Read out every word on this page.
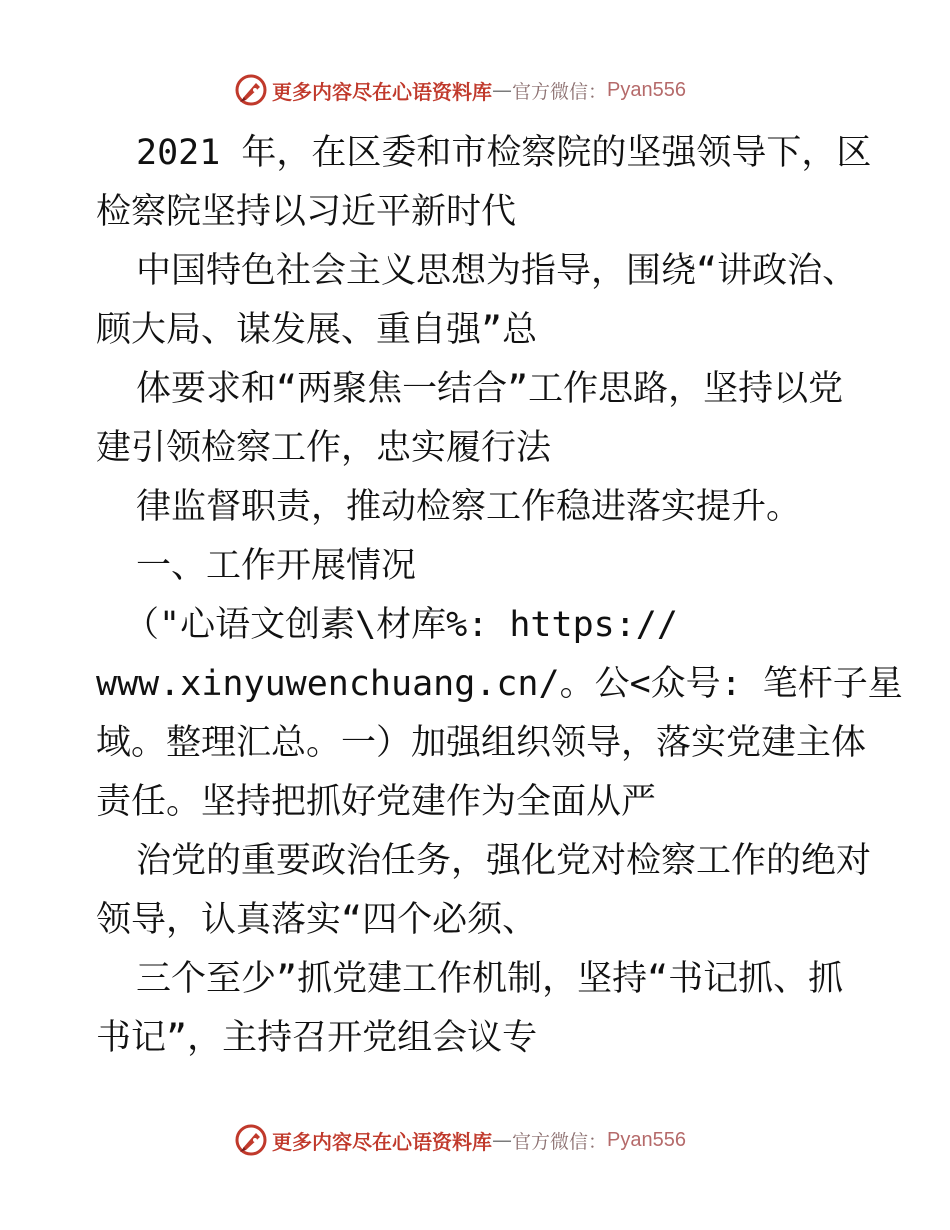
更多内容尽在心语资料库 — 官方微信： Pyan556
2021 年，在区委和市检察院的坚强领导下，区
检察院坚持以习近平新时代
中国特色社会主义思想为指导，围绕“讲政治、
顾大局、谋发展、重自强”总
体要求和“两聚焦一结合”工作思路，坚持以党
建引领检察工作，忠实履行法
律监督职责，推动检察工作稳进落实提升。
一、工作开展情况
（"心语文创素\材库%: https://
www.xinyuwenchuang.cn/。公<众号: 笔杆子星
域。整理汇总。一）加强组织领导，落实党建主体
责任。坚持把抓好党建作为全面从严
治党的重要政治任务，强化党对检察工作的绝对
领导，认真落实“四个必须、
三个至少”抓党建工作机制，坚持“书记抓、抓
书记”，主持召开党组会议专
更多内容尽在心语资料库 — 官方微信： Pyan556
